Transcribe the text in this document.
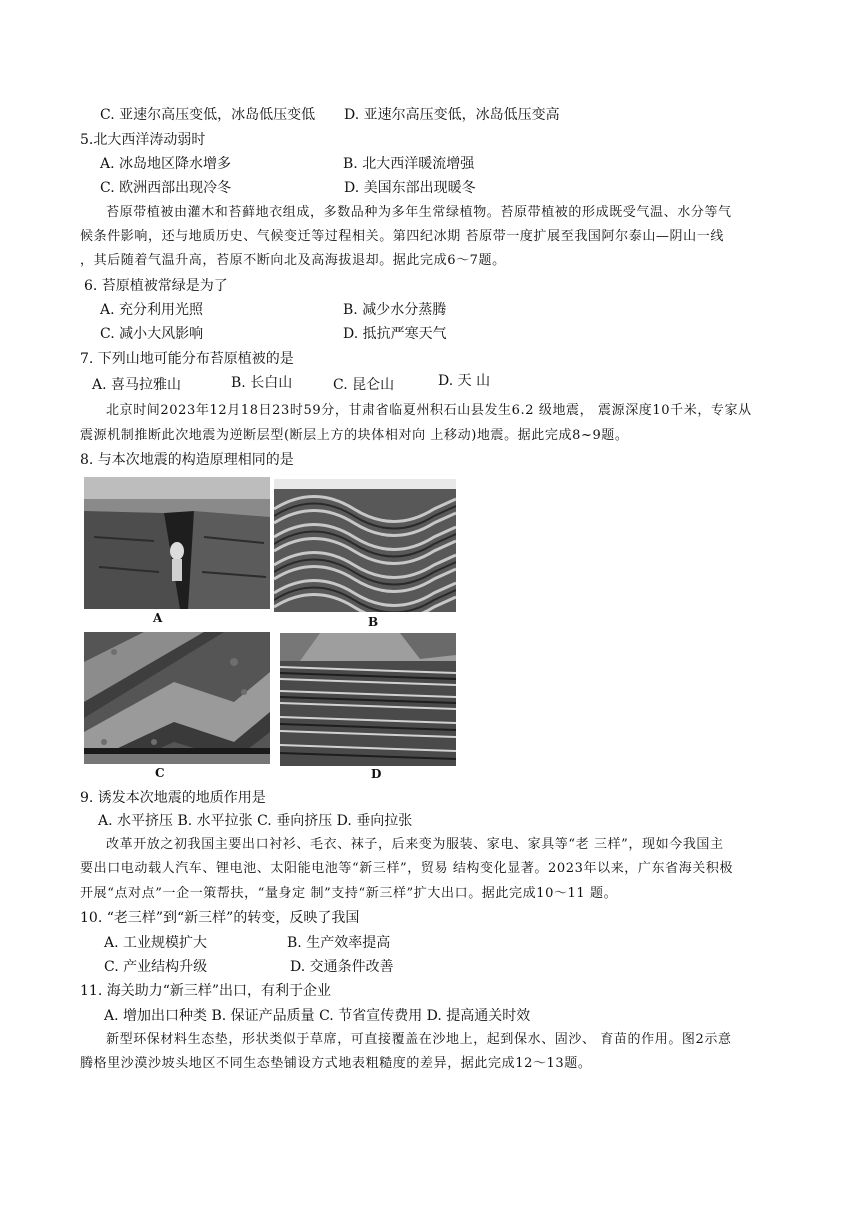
C. 亚速尔高压变低，冰岛低压变低 D. 亚速尔高压变低，冰岛低压变高
5.北大西洋涛动弱时
A. 冰岛地区降水增多	B. 北大西洋暖流增强
C. 欧洲西部出现冷冬	D. 美国东部出现暖冬
苔原带植被由灌木和苔藓地衣组成，多数品种为多年生常绿植物。苔原带植被的形成既受气温、水分等气
候条件影响，还与地质历史、气候变迁等过程相关。第四纪冰期 苔原带一度扩展至我国阿尔泰山—阴山一线
，其后随着气温升高，苔原不断向北及高海拔退却。据此完成6～7题。
6. 苔原植被常绿是为了
A. 充分利用光照	B. 减少水分蒸腾
C. 减小大风影响	D. 抵抗严寒天气
7. 下列山地可能分布苔原植被的是
A. 喜马拉雅山	B. 长白山	C. 昆仑山	D. 天 山
北京时间2023年12月18日23时59分，甘肃省临夏州积石山县发生6.2 级地震， 震源深度10千米，专家从
震源机制推断此次地震为逆断层型(断层上方的块体相对向 上移动)地震。据此完成8~9题。
8. 与本次地震的构造原理相同的是
A	B
C	D
9. 诱发本次地震的地质作用是
A. 水平挤压 B. 水平拉张 C. 垂向挤压 D. 垂向拉张
改革开放之初我国主要出口衬衫、毛衣、袜子，后来变为服装、家电、家具等“老 三样”，现如今我国主
要出口电动载人汽车、锂电池、太阳能电池等“新三样”，贸易 结构变化显著。2023年以来，广东省海关积极
开展“点对点”一企一策帮扶，“量身定 制”支持“新三样”扩大出口。据此完成10～11 题。
10. “老三样”到“新三样”的转变，反映了我国
A. 工业规模扩大	B. 生产效率提高
C. 产业结构升级	D. 交通条件改善
11. 海关助力“新三样”出口，有利于企业
A. 增加出口种类 B. 保证产品质量 C. 节省宣传费用 D. 提高通关时效
新型环保材料生态垫，形状类似于草席，可直接覆盖在沙地上，起到保水、固沙、 育苗的作用。图2示意
腾格里沙漠沙坡头地区不同生态垫铺设方式地表粗糙度的差异，据此完成12～13题。
